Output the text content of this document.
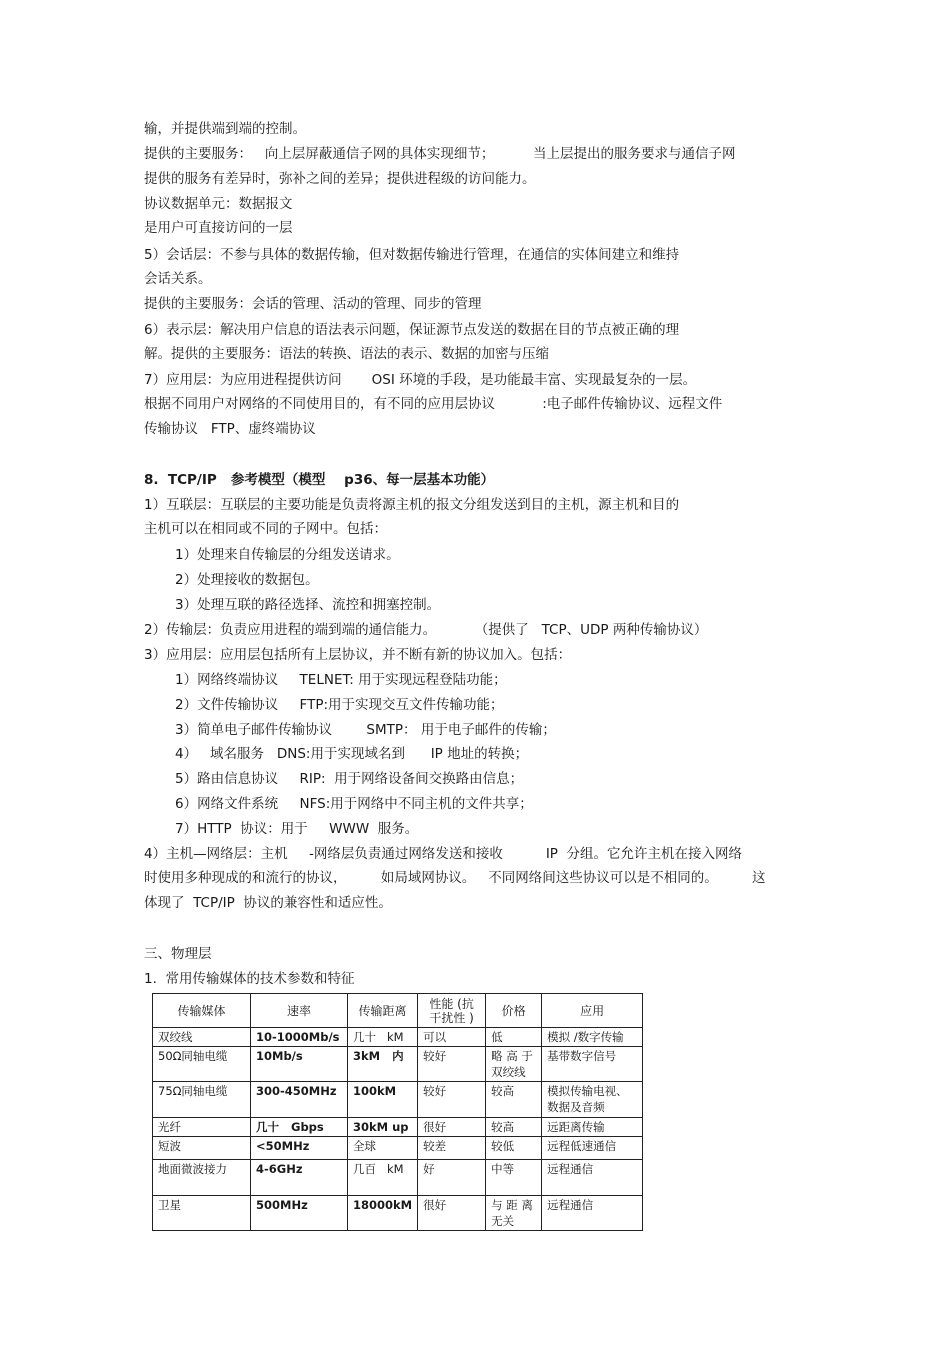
输，并提供端到端的控制。
提供的主要服务：   向上层屏蔽通信子网的具体实现细节；         当上层提出的服务要求与通信子网
提供的服务有差异时，弥补之间的差异；提供进程级的访问能力。
协议数据单元：数据报文
是用户可直接访问的一层
5）会话层：不参与具体的数据传输，但对数据传输进行管理，在通信的实体间建立和维持
会话关系。
提供的主要服务：会话的管理、活动的管理、同步的管理
6）表示层：解决用户信息的语法表示问题，保证源节点发送的数据在目的节点被正确的理
解。提供的主要服务：语法的转换、语法的表示、数据的加密与压缩
7）应用层：为应用进程提供访问       OSI 环境的手段，是功能最丰富、实现最复杂的一层。
根据不同用户对网络的不同使用目的，有不同的应用层协议           :电子邮件传输协议、远程文件
传输协议   FTP、虚终端协议
8.  TCP/IP   参考模型（模型    p36、每一层基本功能）
1）互联层：互联层的主要功能是负责将源主机的报文分组发送到目的主机，源主机和目的
主机可以在相同或不同的子网中。包括：
1）处理来自传输层的分组发送请求。
2）处理接收的数据包。
3）处理互联的路径选择、流控和拥塞控制。
2）传输层：负责应用进程的端到端的通信能力。         （提供了   TCP、UDP 两种传输协议）
3）应用层：应用层包括所有上层协议，并不断有新的协议加入。包括：
1）网络终端协议     TELNET: 用于实现远程登陆功能；
2）文件传输协议     FTP:用于实现交互文件传输功能；
3）简单电子邮件传输协议        SMTP： 用于电子邮件的传输；
4）   域名服务   DNS:用于实现域名到      IP 地址的转换；
5）路由信息协议     RIP:  用于网络设备间交换路由信息；
6）网络文件系统     NFS:用于网络中不同主机的文件共享；
7）HTTP  协议：用于     WWW  服务。
4）主机—网络层：主机     -网络层负责通过网络发送和接收          IP  分组。它允许主机在接入网络
时使用多种现成的和流行的协议，        如局域网协议。   不同网络间这些协议可以是不相同的。        这
体现了  TCP/IP  协议的兼容性和适应性。
三、物理层
1.  常用传输媒体的技术参数和特征
传输媒体	速率	传输距离	性能 (抗
干扰性 )	价格	应用
双绞线	10-1000Mb/s	几十   kM	可以	低	模拟 /数字传输
50Ω同轴电缆	10Mb/s	3kM   内	较好	略 高 于
双绞线	基带数字信号
75Ω同轴电缆	300-450MHz	100kM	较好	较高	模拟传输电视、
数据及音频
光纤	几十   Gbps	30kM up	很好	较高	远距离传输
短波	<50MHz	全球	较差	较低	远程低速通信
地面微波接力	4-6GHz	几百   kM	好	中等	远程通信
卫星	500MHz	18000kM	很好	与 距 离
无关	远程通信
